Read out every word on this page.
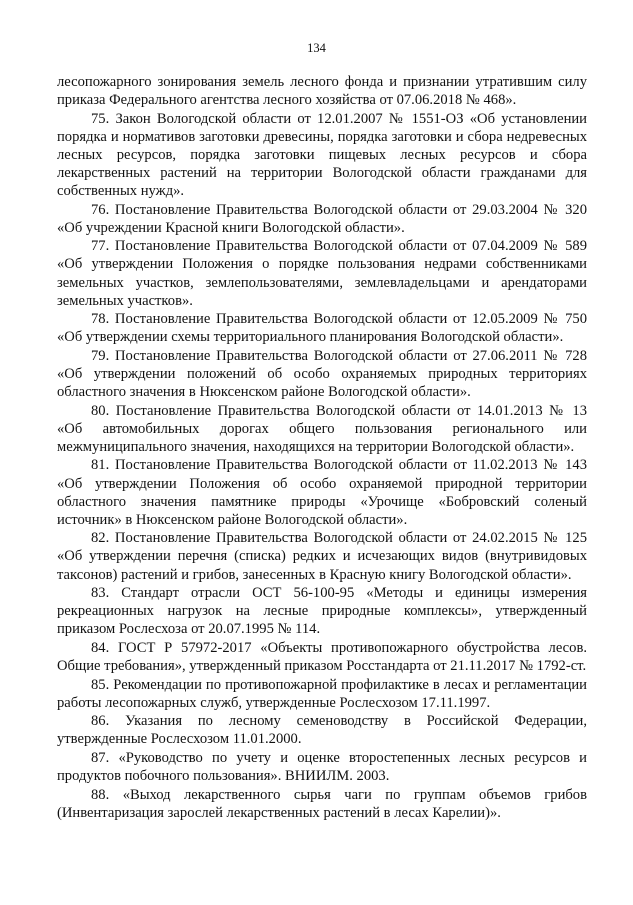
134

лесопожарного зонирования земель лесного фонда и признании утратившим силу приказа Федерального агентства лесного хозяйства от 07.06.2018 № 468».

75. Закон Вологодской области от 12.01.2007 № 1551-ОЗ «Об установлении порядка и нормативов заготовки древесины, порядка заготовки и сбора недревесных лесных ресурсов, порядка заготовки пищевых лесных ресурсов и сбора лекарственных растений на территории Вологодской области гражданами для собственных нужд».

76. Постановление Правительства Вологодской области от 29.03.2004 № 320 «Об учреждении Красной книги Вологодской области».

77. Постановление Правительства Вологодской области от 07.04.2009 № 589 «Об утверждении Положения о порядке пользования недрами собственниками земельных участков, землепользователями, землевладельцами и арендаторами земельных участков».

78. Постановление Правительства Вологодской области от 12.05.2009 № 750 «Об утверждении схемы территориального планирования Вологодской области».

79. Постановление Правительства Вологодской области от 27.06.2011 № 728 «Об утверждении положений об особо охраняемых природных территориях областного значения в Нюксенском районе Вологодской области».

80. Постановление Правительства Вологодской области от 14.01.2013 № 13 «Об автомобильных дорогах общего пользования регионального или межмуниципального значения, находящихся на территории Вологодской области».

81. Постановление Правительства Вологодской области от 11.02.2013 № 143 «Об утверждении Положения об особо охраняемой природной территории областного значения памятнике природы «Урочище «Бобровский соленый источник» в Нюксенском районе Вологодской области».

82. Постановление Правительства Вологодской области от 24.02.2015 № 125 «Об утверждении перечня (списка) редких и исчезающих видов (внутривидовых таксонов) растений и грибов, занесенных в Красную книгу Вологодской области».

83. Стандарт отрасли ОСТ 56-100-95 «Методы и единицы измерения рекреационных нагрузок на лесные природные комплексы», утвержденный приказом Рослесхоза от 20.07.1995 № 114.

84. ГОСТ Р 57972-2017 «Объекты противопожарного обустройства лесов. Общие требования», утвержденный приказом Росстандарта от 21.11.2017 № 1792-ст.

85. Рекомендации по противопожарной профилактике в лесах и регламентации работы лесопожарных служб, утвержденные Рослесхозом 17.11.1997.

86. Указания по лесному семеноводству в Российской Федерации, утвержденные Рослесхозом 11.01.2000.

87. «Руководство по учету и оценке второстепенных лесных ресурсов и продуктов побочного пользования». ВНИИЛМ. 2003.

88. «Выход лекарственного сырья чаги по группам объемов грибов (Инвентаризация зарослей лекарственных растений в лесах Карелии)».
